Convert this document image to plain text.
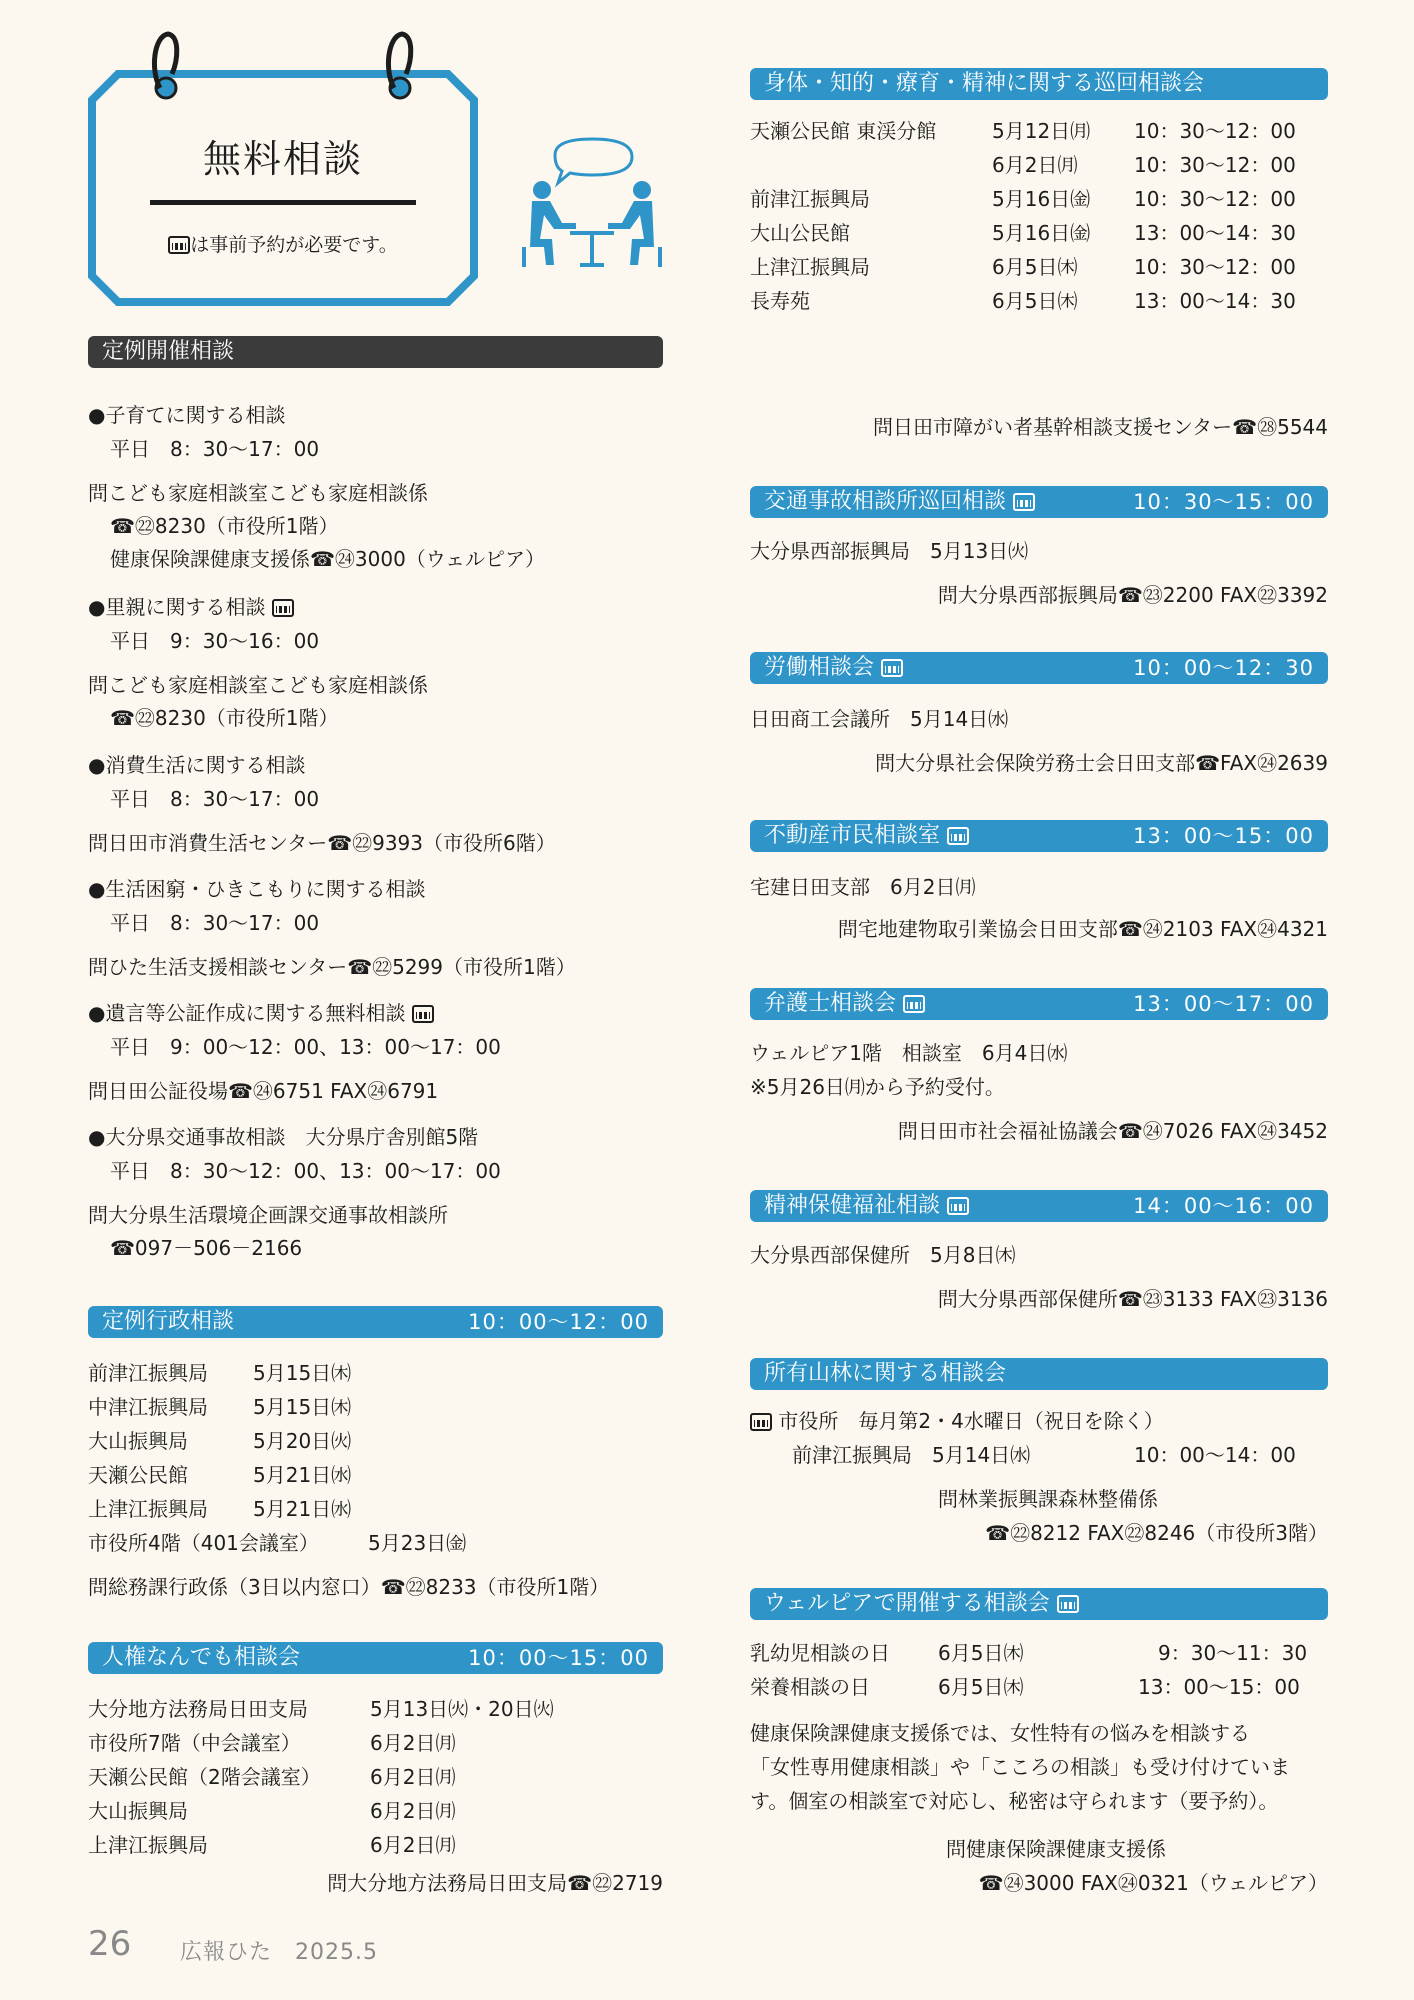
無料相談
は事前予約が必要です。
定例開催相談
●子育てに関する相談
平日　8：30〜17：00
問こども家庭相談室こども家庭相談係
☎㉒8230（市役所1階）
健康保険課健康支援係☎㉔3000（ウェルピア）
●里親に関する相談
平日　9：30〜16：00
問こども家庭相談室こども家庭相談係
☎㉒8230（市役所1階）
●消費生活に関する相談
平日　8：30〜17：00
問日田市消費生活センター☎㉒9393（市役所6階）
●生活困窮・ひきこもりに関する相談
平日　8：30〜17：00
問ひた生活支援相談センター☎㉒5299（市役所1階）
●遺言等公証作成に関する無料相談
平日　9：00〜12：00、13：00〜17：00
問日田公証役場☎㉔6751 FAX㉔6791
●大分県交通事故相談　大分県庁舎別館5階
平日　8：30〜12：00、13：00〜17：00
問大分県生活環境企画課交通事故相談所
☎097－506－2166
定例行政相談	10：00〜12：00
前津江振興局 5月15日㈭
中津江振興局 5月15日㈭
大山振興局	5月20日㈫
天瀬公民館	5月21日㈬
上津江振興局 5月21日㈬
市役所4階（401会議室） 5月23日㈮
問総務課行政係（3日以内窓口）☎㉒8233（市役所1階）
人権なんでも相談会	10：00〜15：00
大分地方法務局日田支局	5月13日㈫・20日㈫
市役所7階（中会議室）	6月2日㈪
天瀬公民館（2階会議室） 6月2日㈪
大山振興局	6月2日㈪
上津江振興局	6月2日㈪
問大分地方法務局日田支局☎㉒2719
身体・知的・療育・精神に関する巡回相談会
天瀬公民館 東渓分館	5月12日㈪ 10：30〜12：00
6月2日㈪	10：30〜12：00
前津江振興局	5月16日㈮ 10：30〜12：00
大山公民館	5月16日㈮ 13：00〜14：30
上津江振興局	6月5日㈭	10：30〜12：00
長寿苑	6月5日㈭	13：00〜14：30
問日田市障がい者基幹相談支援センター☎㉘5544
交通事故相談所巡回相談	10：30〜15：00
大分県西部振興局　5月13日㈫
問大分県西部振興局☎㉓2200 FAX㉒3392
労働相談会	10：00〜12：30
日田商工会議所　5月14日㈬
問大分県社会保険労務士会日田支部☎FAX㉔2639
不動産市民相談室	13：00〜15：00
宅建日田支部　6月2日㈪
問宅地建物取引業協会日田支部☎㉔2103 FAX㉔4321
弁護士相談会	13：00〜17：00
ウェルピア1階　相談室　6月4日㈬
※5月26日㈪から予約受付。
問日田市社会福祉協議会☎㉔7026 FAX㉔3452
精神保健福祉相談	14：00〜16：00
大分県西部保健所　5月8日㈭
問大分県西部保健所☎㉓3133 FAX㉓3136
所有山林に関する相談会
市役所　毎月第2・4水曜日（祝日を除く）
前津江振興局　5月14日㈬	10：00〜14：00
問林業振興課森林整備係
☎㉒8212 FAX㉒8246（市役所3階）
ウェルピアで開催する相談会
乳幼児相談の日 6月5日㈭	9：30〜11：30
栄養相談の日	6月5日㈭	13：00〜15：00
健康保険課健康支援係では、女性特有の悩みを相談する
「女性専用健康相談」や「こころの相談」も受け付けていま
す。個室の相談室で対応し、秘密は守られます（要予約）。
問健康保険課健康支援係
☎㉔3000 FAX㉔0321（ウェルピア）
26 広報ひた　2025.5
